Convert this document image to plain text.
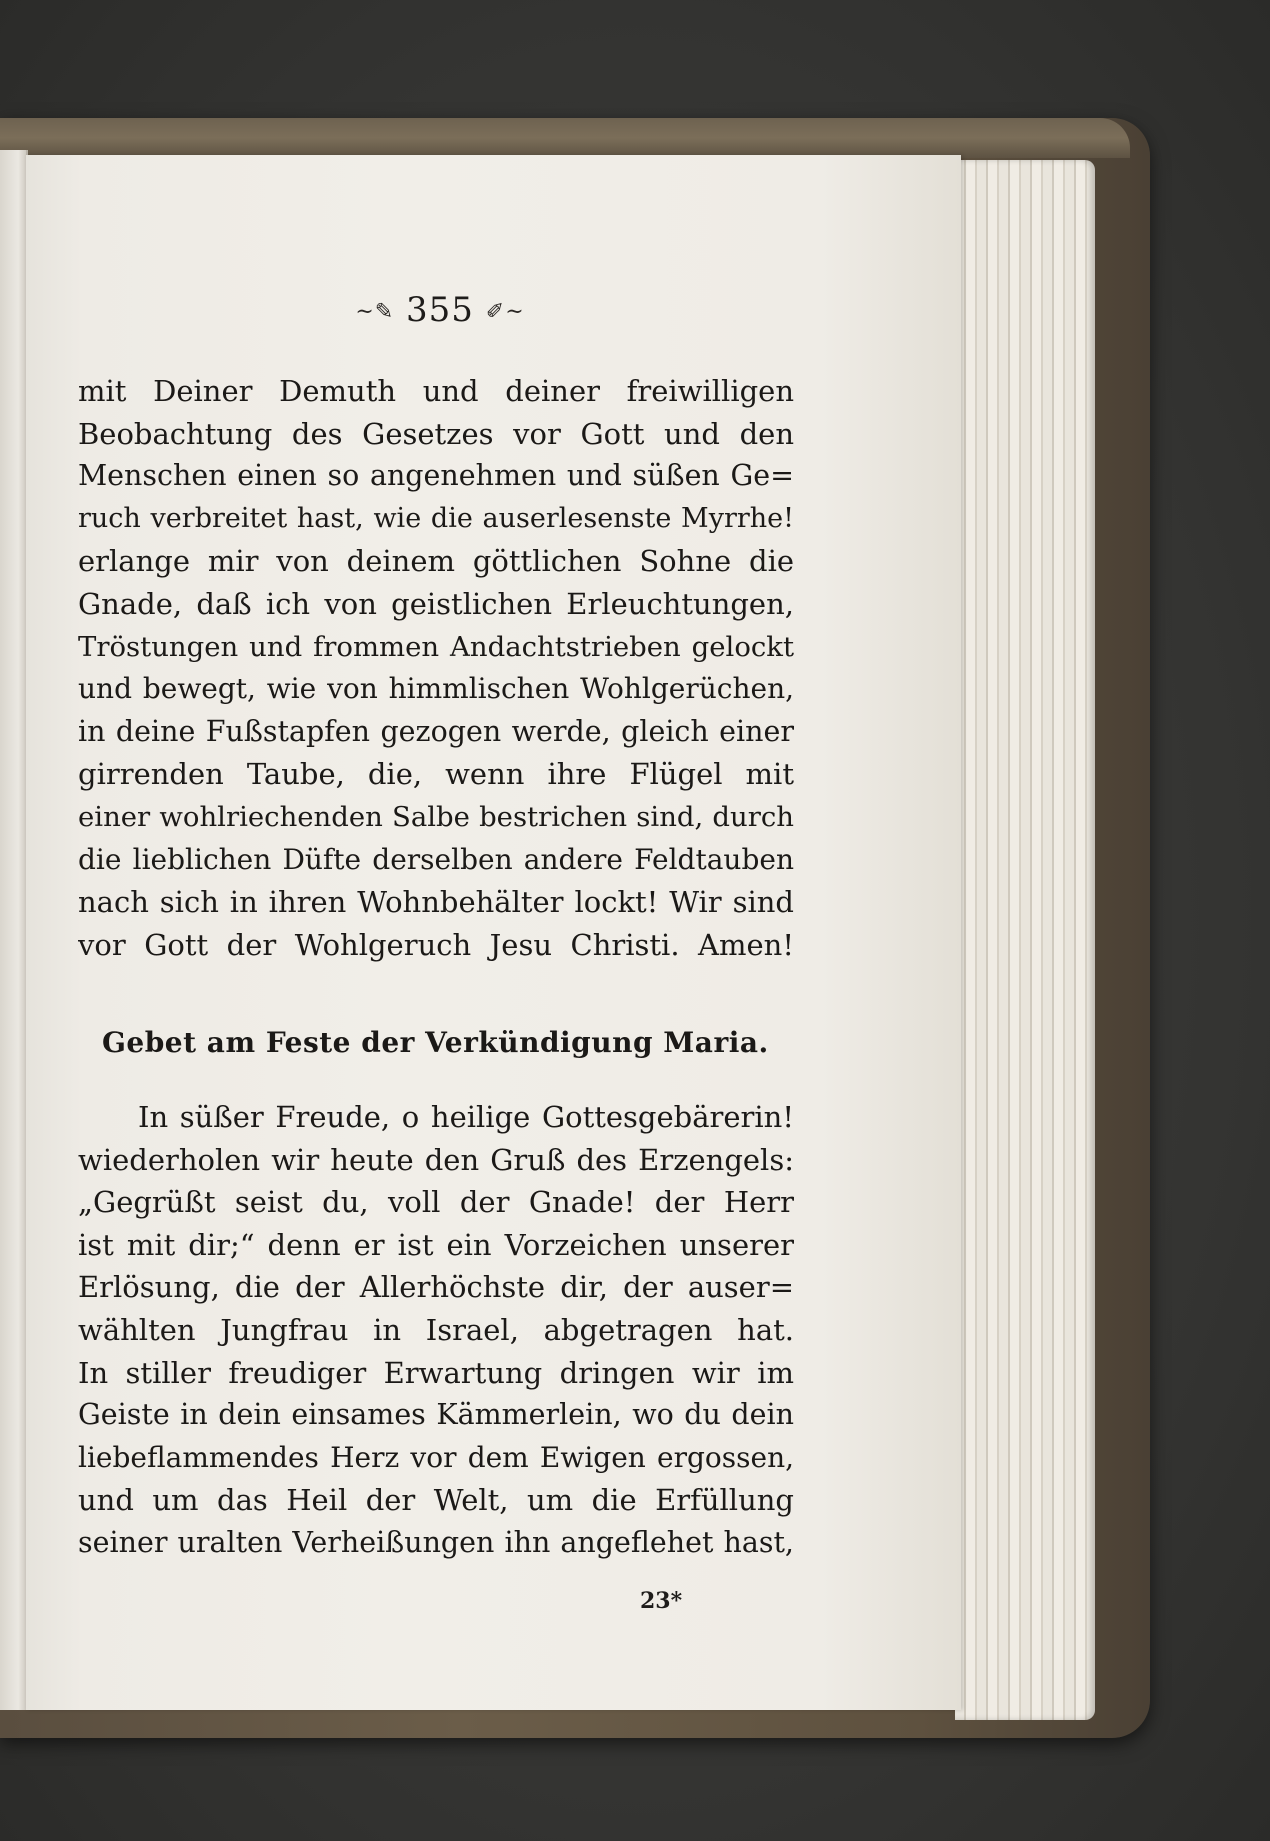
~✎ 355 ✐~
mit Deiner Demuth und deiner freiwilligen
Beobachtung des Gesetzes vor Gott und den
Menschen einen so angenehmen und süßen Ge=
ruch verbreitet hast, wie die auserlesenste Myrrhe!
erlange mir von deinem göttlichen Sohne die
Gnade, daß ich von geistlichen Erleuchtungen,
Tröstungen und frommen Andachtstrieben gelockt
und bewegt, wie von himmlischen Wohlgerüchen,
in deine Fußstapfen gezogen werde, gleich einer
girrenden Taube, die, wenn ihre Flügel mit
einer wohlriechenden Salbe bestrichen sind, durch
die lieblichen Düfte derselben andere Feldtauben
nach sich in ihren Wohnbehälter lockt! Wir sind
vor Gott der Wohlgeruch Jesu Christi. Amen!
Gebet am Feste der Verkündigung Maria.
In süßer Freude, o heilige Gottesgebärerin!
wiederholen wir heute den Gruß des Erzengels:
„Gegrüßt seist du, voll der Gnade! der Herr
ist mit dir;“ denn er ist ein Vorzeichen unserer
Erlösung, die der Allerhöchste dir, der auser=
wählten Jungfrau in Israel, abgetragen hat.
In stiller freudiger Erwartung dringen wir im
Geiste in dein einsames Kämmerlein, wo du dein
liebeflammendes Herz vor dem Ewigen ergossen,
und um das Heil der Welt, um die Erfüllung
seiner uralten Verheißungen ihn angeflehet hast,
23*
